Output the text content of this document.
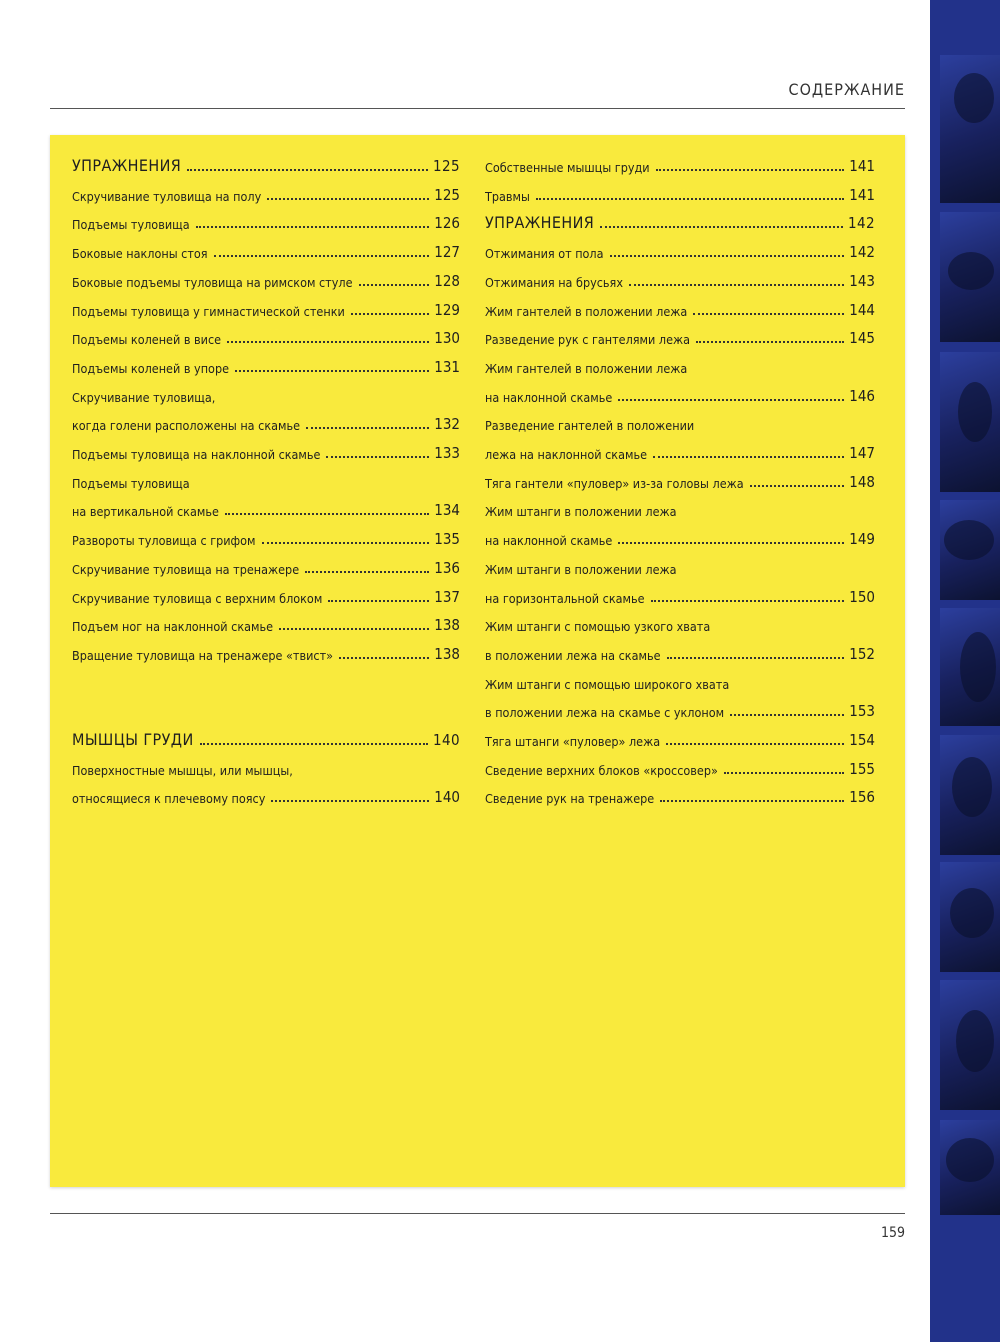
СОДЕРЖАНИЕ
УПРАЖНЕНИЯ	125
Скручивание туловища на полу	125
Подъемы туловища	126
Боковые наклоны стоя	127
Боковые подъемы туловища на римском стуле	128
Подъемы туловища у гимнастической стенки	129
Подъемы коленей в висе	130
Подъемы коленей в упоре	131
Скручивание туловища,
когда голени расположены на скамье	132
Подъемы туловища на наклонной скамье	133
Подъемы туловища
на вертикальной скамье	134
Развороты туловища с грифом	135
Скручивание туловища на тренажере	136
Скручивание туловища с верхним блоком	137
Подъем ног на наклонной скамье	138
Вращение туловища на тренажере «твист»	138
МЫШЦЫ ГРУДИ	140
Поверхностные мышцы, или мышцы,
относящиеся к плечевому поясу	140
Собственные мышцы груди	141
Травмы	141
УПРАЖНЕНИЯ	142
Отжимания от пола	142
Отжимания на брусьях	143
Жим гантелей в положении лежа	144
Разведение рук с гантелями лежа	145
Жим гантелей в положении лежа
на наклонной скамье	146
Разведение гантелей в положении
лежа на наклонной скамье	147
Тяга гантели «пуловер» из-за головы лежа	148
Жим штанги в положении лежа
на наклонной скамье	149
Жим штанги в положении лежа
на горизонтальной скамье	150
Жим штанги с помощью узкого хвата
в положении лежа на скамье	152
Жим штанги с помощью широкого хвата
в положении лежа на скамье с уклоном	153
Тяга штанги «пуловер» лежа	154
Сведение верхних блоков «кроссовер»	155
Сведение рук на тренажере	156
159
